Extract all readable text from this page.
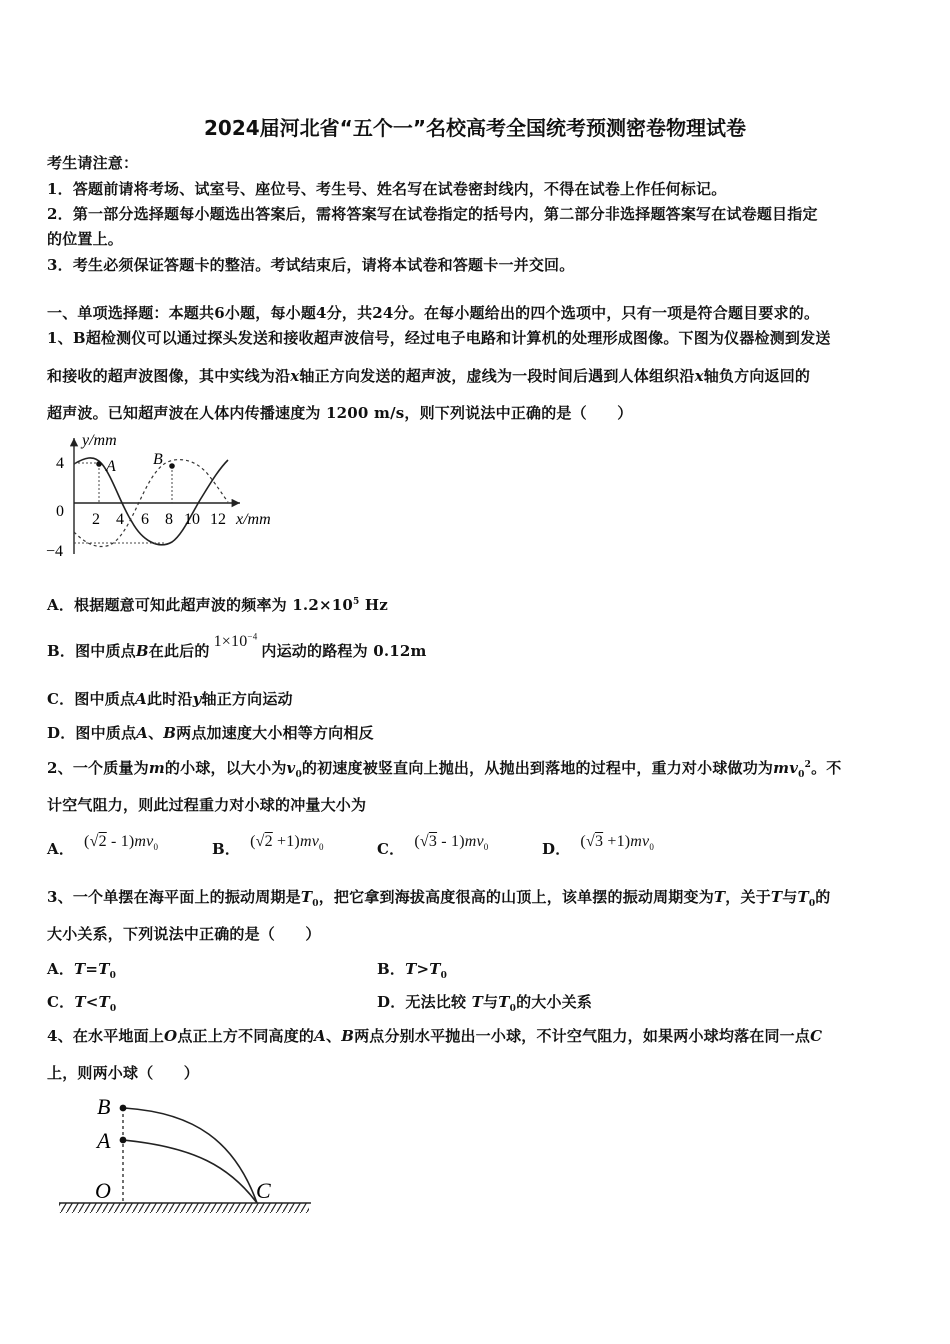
2024届河北省“五个一”名校高考全国统考预测密卷物理试卷
考生请注意：
1．答题前请将考场、试室号、座位号、考生号、姓名写在试卷密封线内，不得在试卷上作任何标记。
2．第一部分选择题每小题选出答案后，需将答案写在试卷指定的括号内，第二部分非选择题答案写在试卷题目指定
的位置上。
3．考生必须保证答题卡的整洁。考试结束后，请将本试卷和答题卡一并交回。
一、单项选择题：本题共6小题，每小题4分，共24分。在每小题给出的四个选项中，只有一项是符合题目要求的。
1、B超检测仪可以通过探头发送和接收超声波信号，经过电子电路和计算机的处理形成图像。下图为仪器检测到发送
和接收的超声波图像，其中实线为沿x轴正方向发送的超声波，虚线为一段时间后遇到人体组织沿x轴负方向返回的
超声波。已知超声波在人体内传播速度为 1200 m/s，则下列说法中正确的是（　　）
A B
y/mm
4
0
−4
2 4 6 8 10 12 x/mm
A．根据题意可知此超声波的频率为 $1.2\times 10^5$ Hz
B．图中质点B在此后的$1\times 10^{-4}$内运动的路程为 0.12m
C．图中质点A此时沿y轴正方向运动
D．图中质点A、B两点加速度大小相等方向相反
2、一个质量为m的小球，以大小为$v_0$的初速度被竖直向上抛出，从抛出到落地的过程中，重力对小球做功为$mv_0^2$。不
计空气阻力，则此过程重力对小球的冲量大小为
A． $(√2 - 1)mv_0$	B． $(√2 +1)mv_0$	C． $(√3 - 1)mv_0$	D． $(√3 +1)mv_0$
3、一个单摆在海平面上的振动周期是$T_0$，把它拿到海拔高度很高的山顶上，该单摆的振动周期变为T，关于T与$T_0$的
大小关系，下列说法中正确的是（　　）
A．$T=T_0$	B．$T>T_0$
C．$T<T_0$	D．无法比较 T与$T_0$的大小关系
4、在水平地面上O点正上方不同高度的A、B两点分别水平抛出一小球，不计空气阻力，如果两小球均落在同一点C
上，则两小球（　　）
B
A
O	C
